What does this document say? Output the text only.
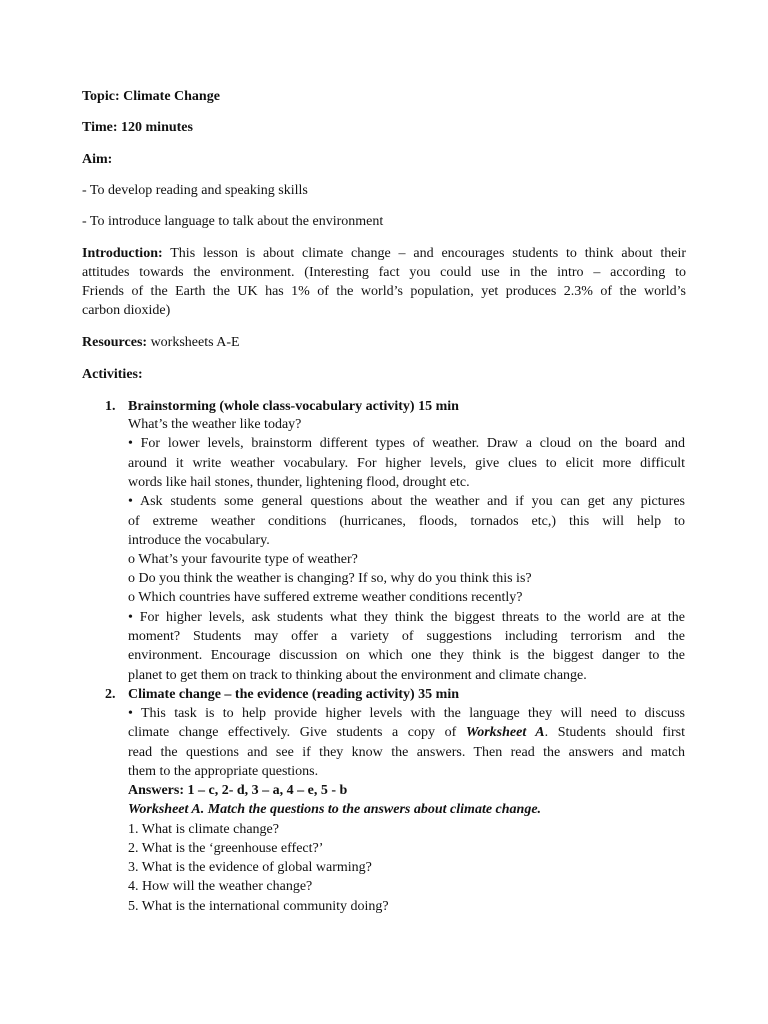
Topic: Climate Change

Time: 120 minutes

Aim:

- To develop reading and speaking skills

- To introduce language to talk about the environment

Introduction: This lesson is about climate change – and encourages students to think about their

attitudes towards the environment. (Interesting fact you could use in the intro – according to

Friends of the Earth the UK has 1% of the world’s population, yet produces 2.3% of the world’s

carbon dioxide)

Resources: worksheets A-E

Activities:

1. Brainstorming (whole class-vocabulary activity) 15 min

What’s the weather like today?

• For lower levels, brainstorm different types of weather. Draw a cloud on the board and

around it write weather vocabulary. For higher levels, give clues to elicit more difficult

words like hail stones, thunder, lightening flood, drought etc.

• Ask students some general questions about the weather and if you can get any pictures

of extreme weather conditions (hurricanes, floods, tornados etc,) this will help to

introduce the vocabulary.

o What’s your favourite type of weather?

o Do you think the weather is changing? If so, why do you think this is?

o Which countries have suffered extreme weather conditions recently?

• For higher levels, ask students what they think the biggest threats to the world are at the

moment? Students may offer a variety of suggestions including terrorism and the

environment. Encourage discussion on which one they think is the biggest danger to the

planet to get them on track to thinking about the environment and climate change.

2. Climate change – the evidence (reading activity) 35 min

• This task is to help provide higher levels with the language they will need to discuss

climate change effectively. Give students a copy of Worksheet A. Students should first

read the questions and see if they know the answers. Then read the answers and match

them to the appropriate questions.

Answers: 1 – c, 2- d, 3 – a, 4 – e, 5 - b

Worksheet A. Match the questions to the answers about climate change.

1. What is climate change?

2. What is the ‘greenhouse effect?’

3. What is the evidence of global warming?

4. How will the weather change?

5. What is the international community doing?
